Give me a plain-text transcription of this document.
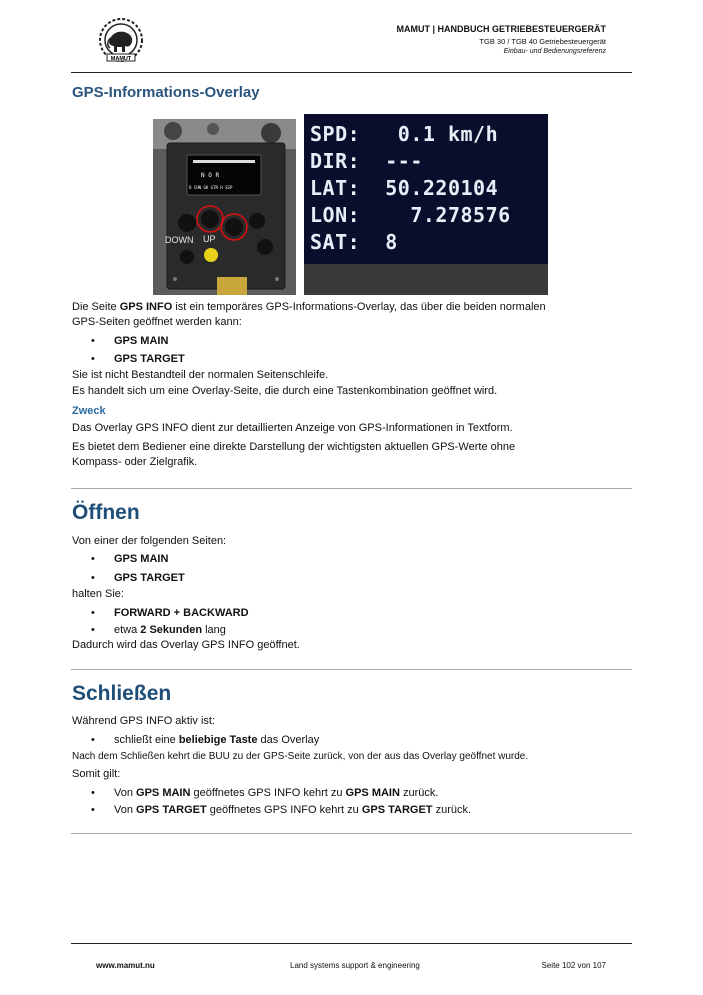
MAMUT
MAMUT | HANDBUCH GETRIEBESTEUERGERÄT
TGB 30 / TGB 40 Getriebesteuergerät
Einbau- und Bedienungsreferenz
GPS-Informations-Overlay
N O R
O CHN GK GTR H SSP
DOWN UP
SPD:   0.1 km/h
DIR:  ---
LAT:  50.220104
LON:    7.278576
SAT:  8
Die Seite GPS INFO ist ein temporäres GPS-Informations-Overlay, das über die beiden normalen
GPS-Seiten geöffnet werden kann:
• GPS MAIN
• GPS TARGET
Sie ist nicht Bestandteil der normalen Seitenschleife.
Es handelt sich um eine Overlay-Seite, die durch eine Tastenkombination geöffnet wird.
Zweck
Das Overlay GPS INFO dient zur detaillierten Anzeige von GPS-Informationen in Textform.
Es bietet dem Bediener eine direkte Darstellung der wichtigsten aktuellen GPS-Werte ohne
Kompass- oder Zielgrafik.
Öffnen
Von einer der folgenden Seiten:
• GPS MAIN
• GPS TARGET
halten Sie:
• FORWARD + BACKWARD
• etwa 2 Sekunden lang
Dadurch wird das Overlay GPS INFO geöffnet.
Schließen
Während GPS INFO aktiv ist:
• schließt eine beliebige Taste das Overlay
Nach dem Schließen kehrt die BUU zu der GPS-Seite zurück, von der aus das Overlay geöffnet wurde.
Somit gilt:
• Von GPS MAIN geöffnetes GPS INFO kehrt zu GPS MAIN zurück.
• Von GPS TARGET geöffnetes GPS INFO kehrt zu GPS TARGET zurück.
www.mamut.nu	Land systems support & engineering	Seite 102 von 107
